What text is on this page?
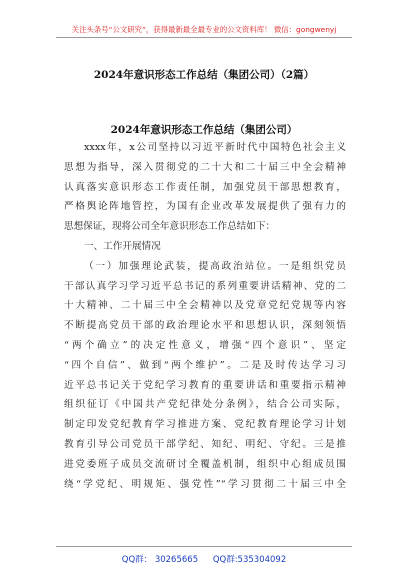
关注头条号“公文研究”，获得最新最全最专业的公文资料库！ 微信：gongwenyj
2024年意识形态工作总结（集团公司）（2篇）
2024年意识形态工作总结（集团公司）
xxxx年，x公司坚持以习近平新时代中国特色社会主义
思想为指导，深入贯彻党的二十大和二十届三中全会精神
认真落实意识形态工作责任制，加强党员干部思想教育，
严格舆论阵地管控，为国有企业改革发展提供了强有力的
思想保证，现将公司全年意识形态工作总结如下：
一、工作开展情况
（一）加强理论武装，提高政治站位。一是组织党员
干部认真学习学习近平总书记的系列重要讲话精神、党的二
十大精神、二十届三中全会精神以及党章党纪党规等内容
不断提高党员干部的政治理论水平和思想认识，深刻领悟
“两个确立”的决定性意义，增强“四个意识”、坚定
“四个自信”、做到“两个维护”。二是及时传达学习习
近平总书记关于党纪学习教育的重要讲话和重要指示精神
组织征订《中国共产党纪律处分条例》，结合公司实际，
制定印发党纪教育学习推进方案、党纪教育理论学习计划
教育引导公司党员干部学纪、知纪、明纪、守纪。三是推
进党委班子成员交流研讨全覆盖机制，组织中心组成员围
绕“学党纪、明规矩、强党性”“学习贯彻二十届三中全
QQ群： 30265665 QQ群:535304092
